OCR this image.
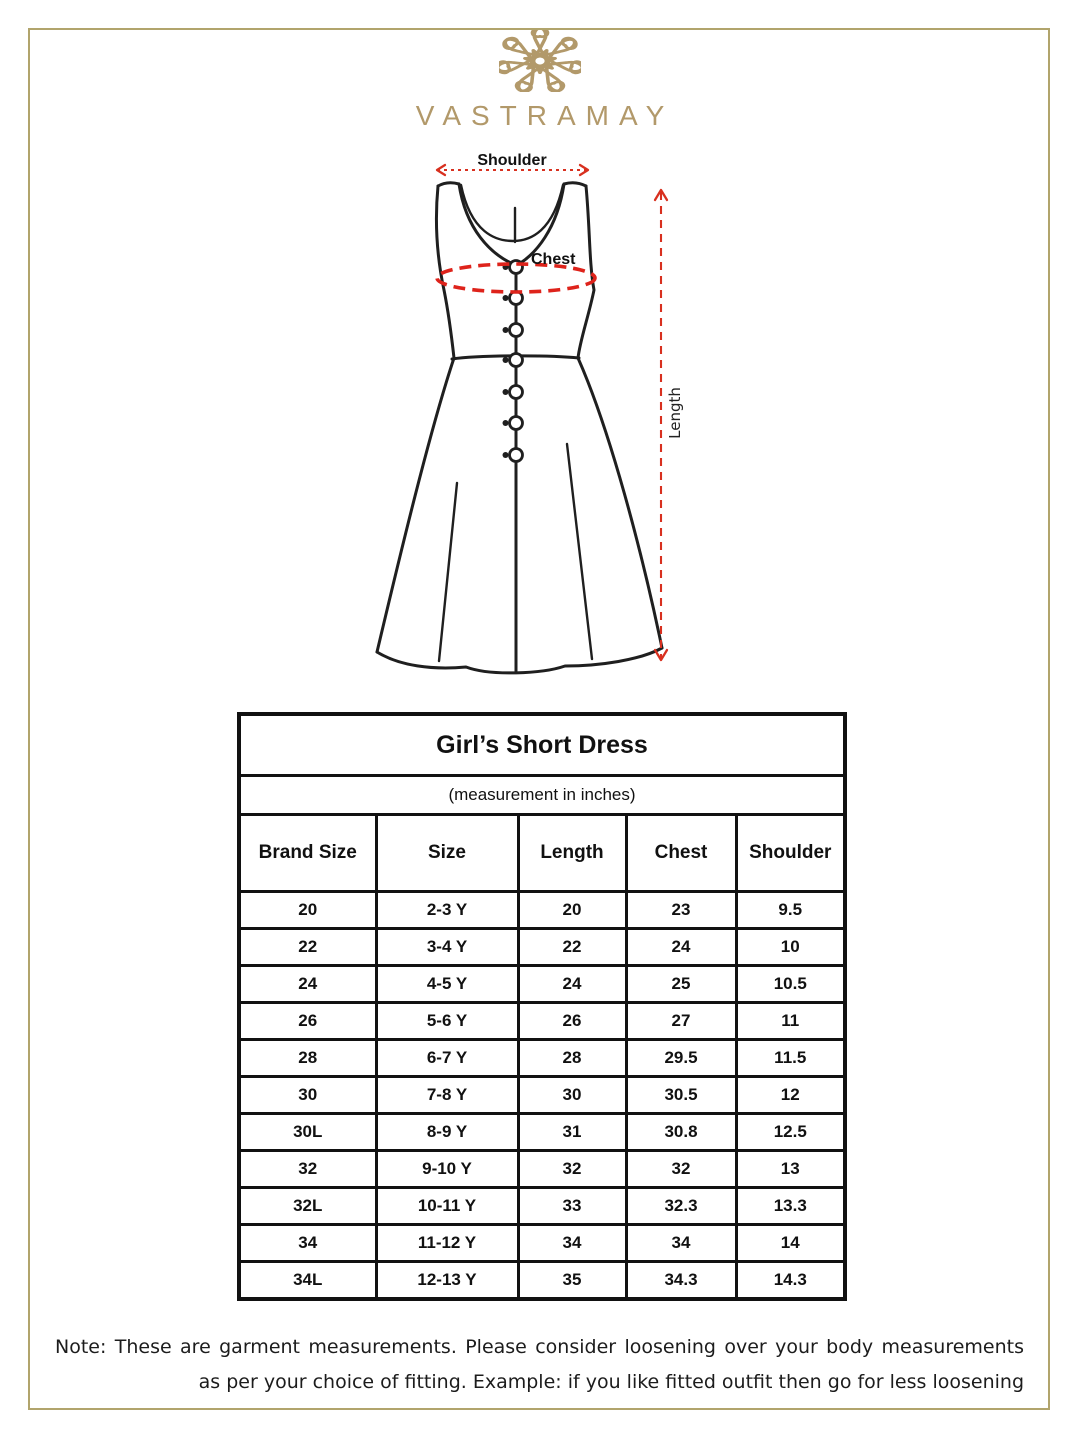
VASTRAMAY
Shoulder
Chest
Length
Girl’s Short Dress				
(measurement in inches)				
Brand Size	Size	Length	Chest	Shoulder
20	2-3 Y	20	23	9.5
22	3-4 Y	22	24	10
24	4-5 Y	24	25	10.5
26	5-6 Y	26	27	11
28	6-7 Y	28	29.5	11.5
30	7-8 Y	30	30.5	12
30L	8-9 Y	31	30.8	12.5
32	9-10 Y	32	32	13
32L	10-11 Y	33	32.3	13.3
34	11-12 Y	34	34	14
34L	12-13 Y	35	34.3	14.3
Note: These are garment measurements. Please consider loosening over your body measurements
as per your choice of fitting. Example: if you like fitted outfit then go for less loosening
